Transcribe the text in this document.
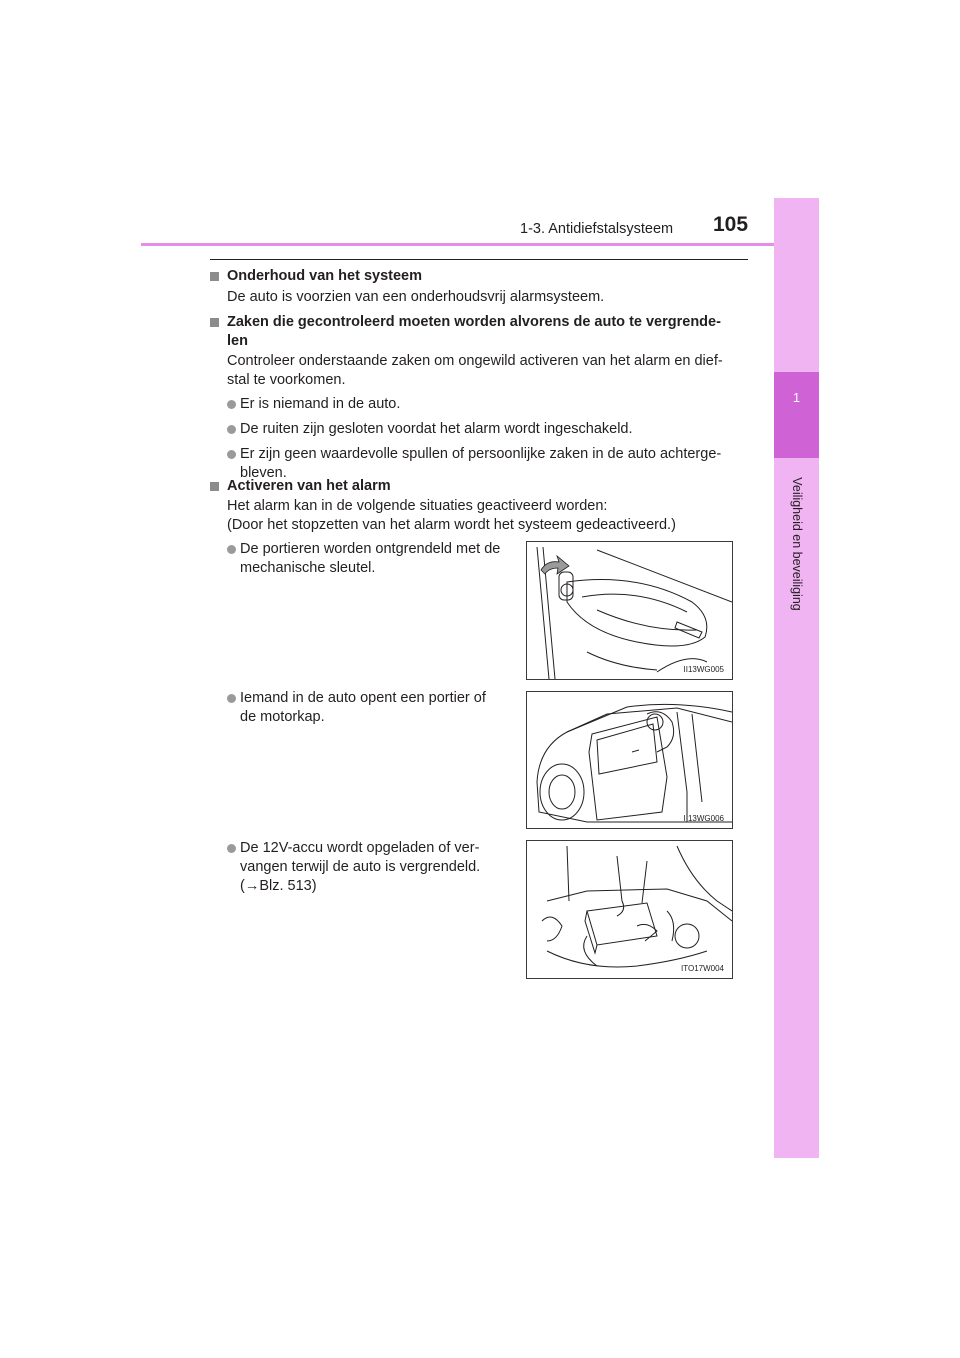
1-3. Antidiefstalsysteem 105
1
Veiligheid en beveiliging
Onderhoud van het systeem
De auto is voorzien van een onderhoudsvrij alarmsysteem.
Zaken die gecontroleerd moeten worden alvorens de auto te vergrende-
len
Controleer onderstaande zaken om ongewild activeren van het alarm en dief-
stal te voorkomen.
Er is niemand in de auto.
De ruiten zijn gesloten voordat het alarm wordt ingeschakeld.
Er zijn geen waardevolle spullen of persoonlijke zaken in de auto achterge-
bleven.
Activeren van het alarm
Het alarm kan in de volgende situaties geactiveerd worden:
(Door het stopzetten van het alarm wordt het systeem gedeactiveerd.)
De portieren worden ontgrendeld met de
mechanische sleutel.
II13WG005
Iemand in de auto opent een portier of
de motorkap.
II13WG006
De 12V-accu wordt opgeladen of ver-
vangen terwijl de auto is vergrendeld.
(→Blz. 513)
ITO17W004
